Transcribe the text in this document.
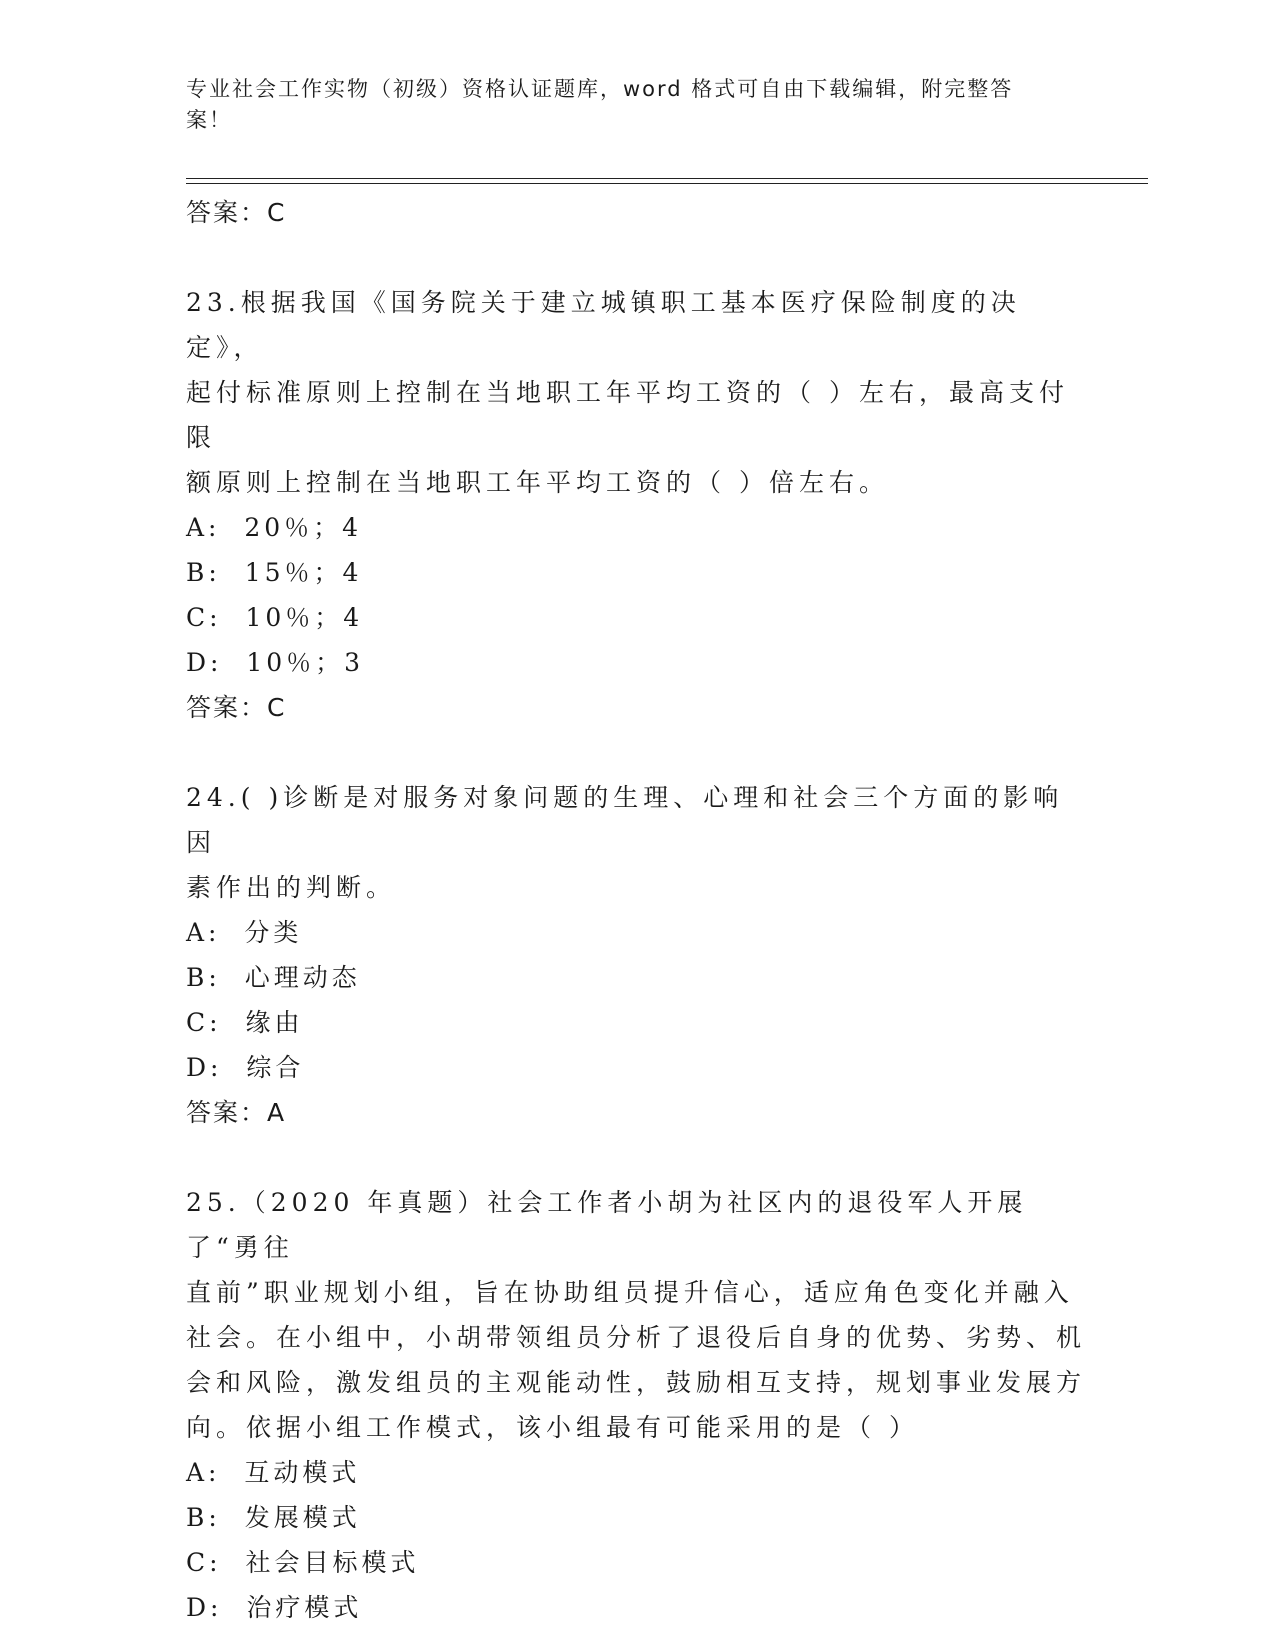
专业社会工作实物（初级）资格认证题库，word 格式可自由下载编辑，附完整答
案！

答案：C

23.根据我国《国务院关于建立城镇职工基本医疗保险制度的决定》，

起付标准原则上控制在当地职工年平均工资的（ ）左右，最高支付限

额原则上控制在当地职工年平均工资的（ ）倍左右。

A:  20％；4

B:  15％；4

C:  10％；4

D:  10％；3

答案：C

24.( )诊断是对服务对象问题的生理、心理和社会三个方面的影响因

素作出的判断。

A:  分类

B:  心理动态

C:  缘由

D:  综合

答案：A

25.（2020 年真题）社会工作者小胡为社区内的退役军人开展了“勇往

直前”职业规划小组，旨在协助组员提升信心，适应角色变化并融入

社会。在小组中，小胡带领组员分析了退役后自身的优势、劣势、机

会和风险，激发组员的主观能动性，鼓励相互支持，规划事业发展方

向。依据小组工作模式，该小组最有可能采用的是（ ）

A:  互动模式

B:  发展模式

C:  社会目标模式

D:  治疗模式
